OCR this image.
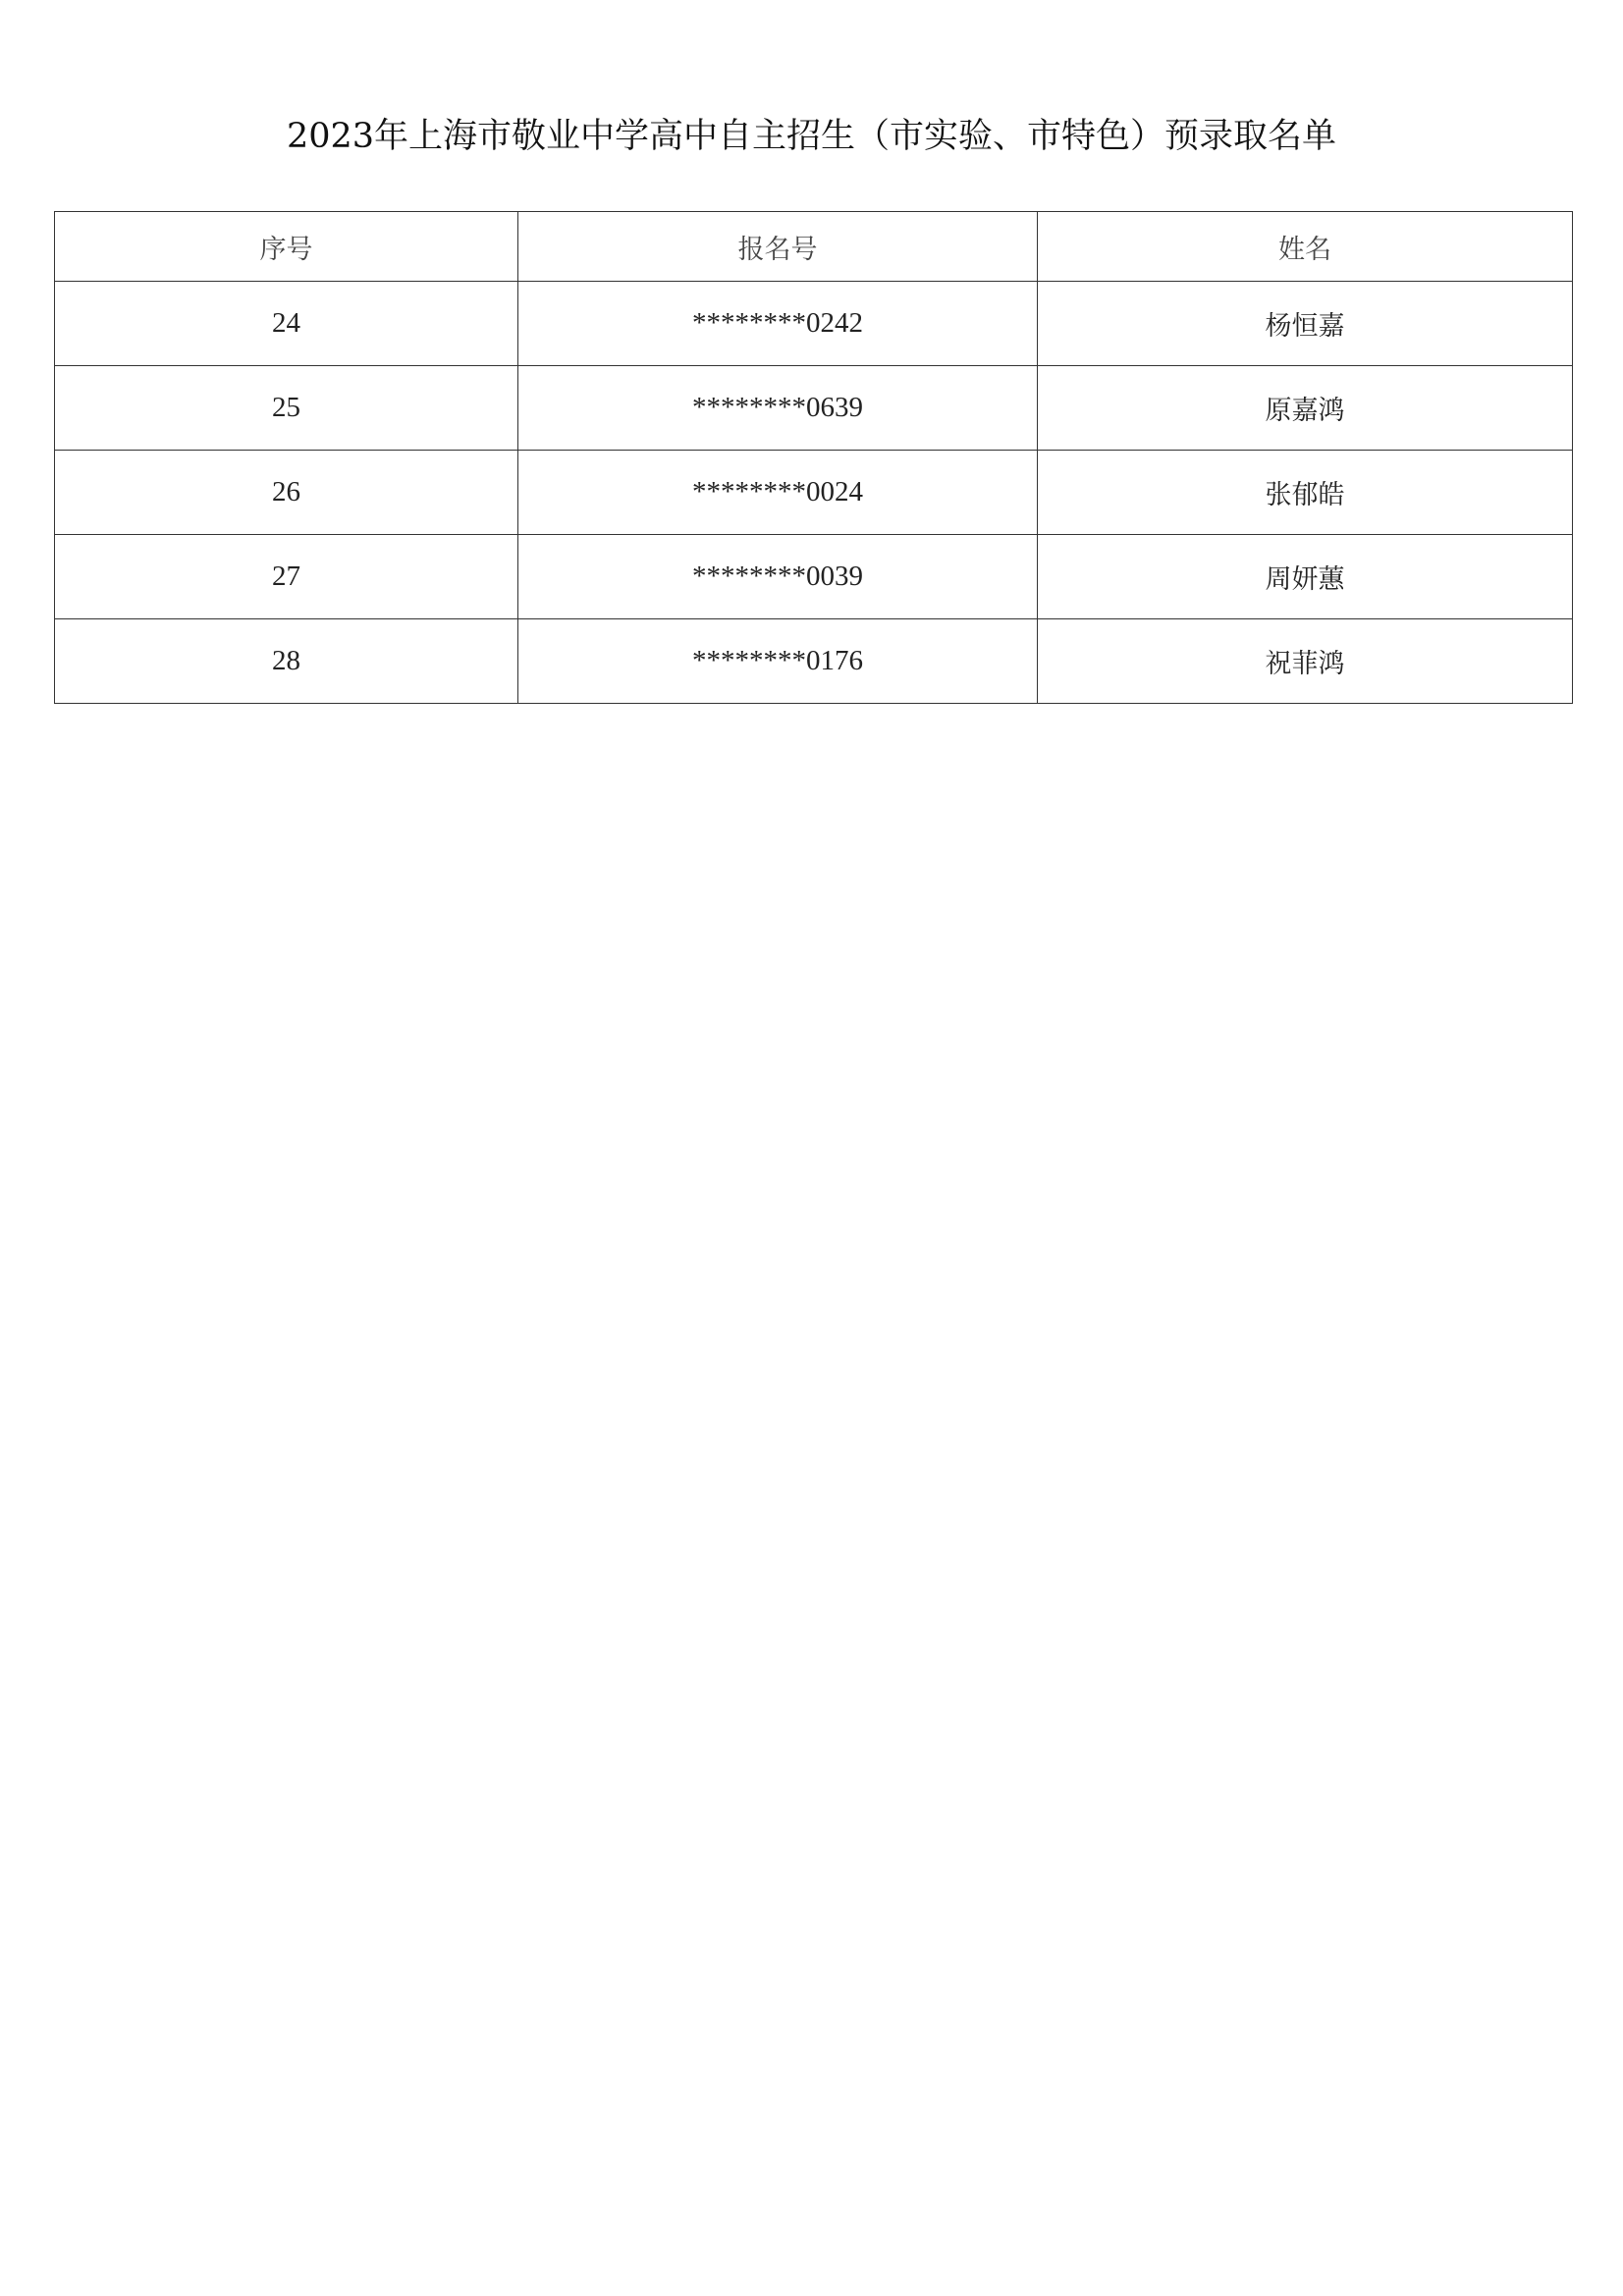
2023年上海市敬业中学高中自主招生（市实验、市特色）预录取名单
序号	报名号	姓名
24	********0242	杨恒嘉
25	********0639	原嘉鸿
26	********0024	张郁皓
27	********0039	周妍蕙
28	********0176	祝菲鸿
